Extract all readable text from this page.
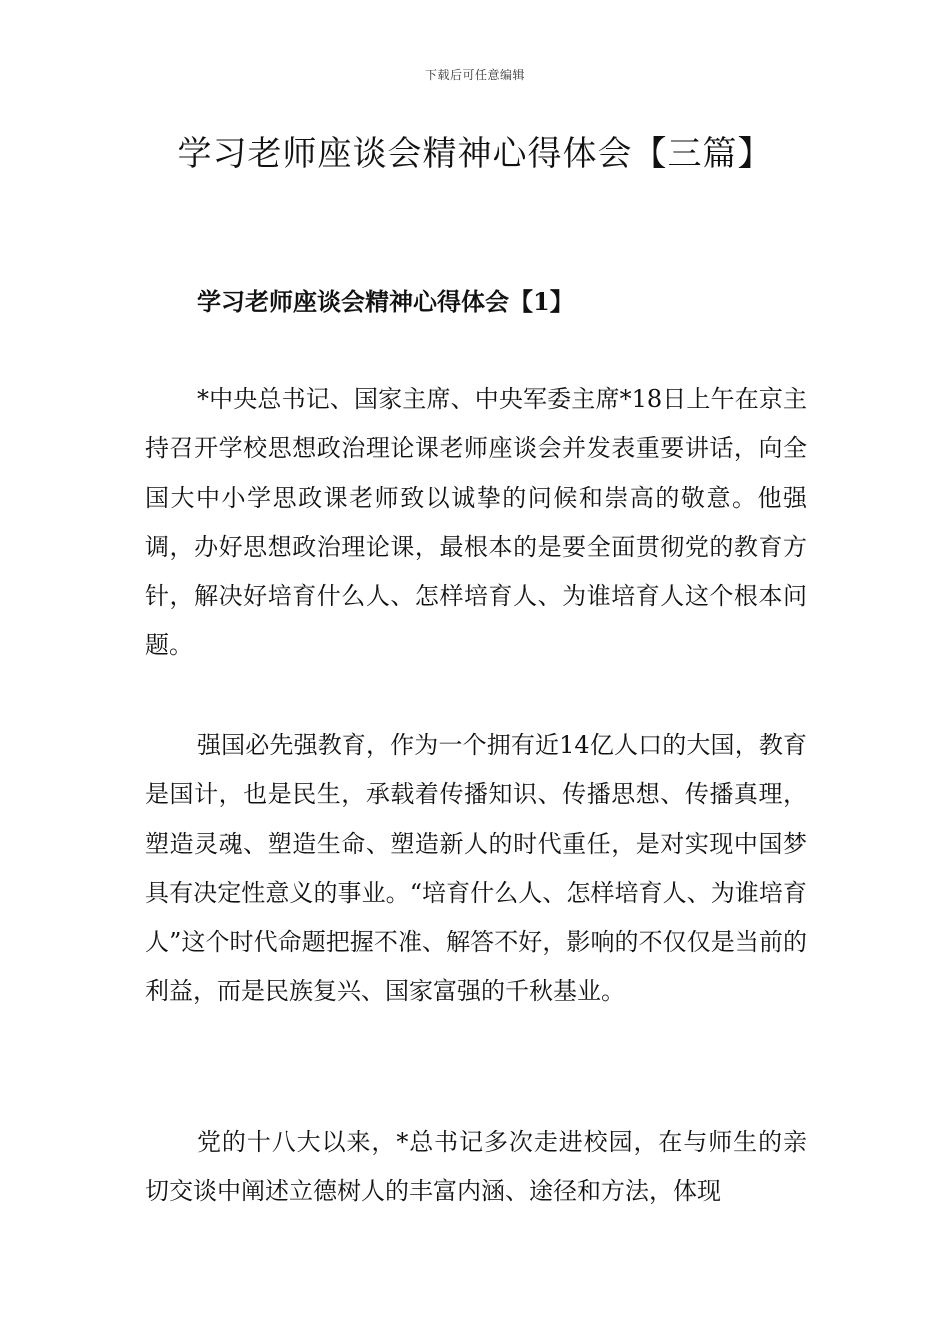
下载后可任意编辑
学习老师座谈会精神心得体会【三篇】
学习老师座谈会精神心得体会【1】

*中央总书记、国家主席、中央军委主席*18日上午在京主持召开学校思想政治理论课老师座谈会并发表重要讲话，向全国大中小学思政课老师致以诚挚的问候和崇高的敬意。他强调，办好思想政治理论课，最根本的是要全面贯彻党的教育方针，解决好培育什么人、怎样培育人、为谁培育人这个根本问题。

强国必先强教育，作为一个拥有近14亿人口的大国，教育是国计，也是民生，承载着传播知识、传播思想、传播真理，塑造灵魂、塑造生命、塑造新人的时代重任，是对实现中国梦具有决定性意义的事业。“培育什么人、怎样培育人、为谁培育人”这个时代命题把握不准、解答不好，影响的不仅仅是当前的利益，而是民族复兴、国家富强的千秋基业。

党的十八大以来，*总书记多次走进校园，在与师生的亲切交谈中阐述立德树人的丰富内涵、途径和方法，体现
